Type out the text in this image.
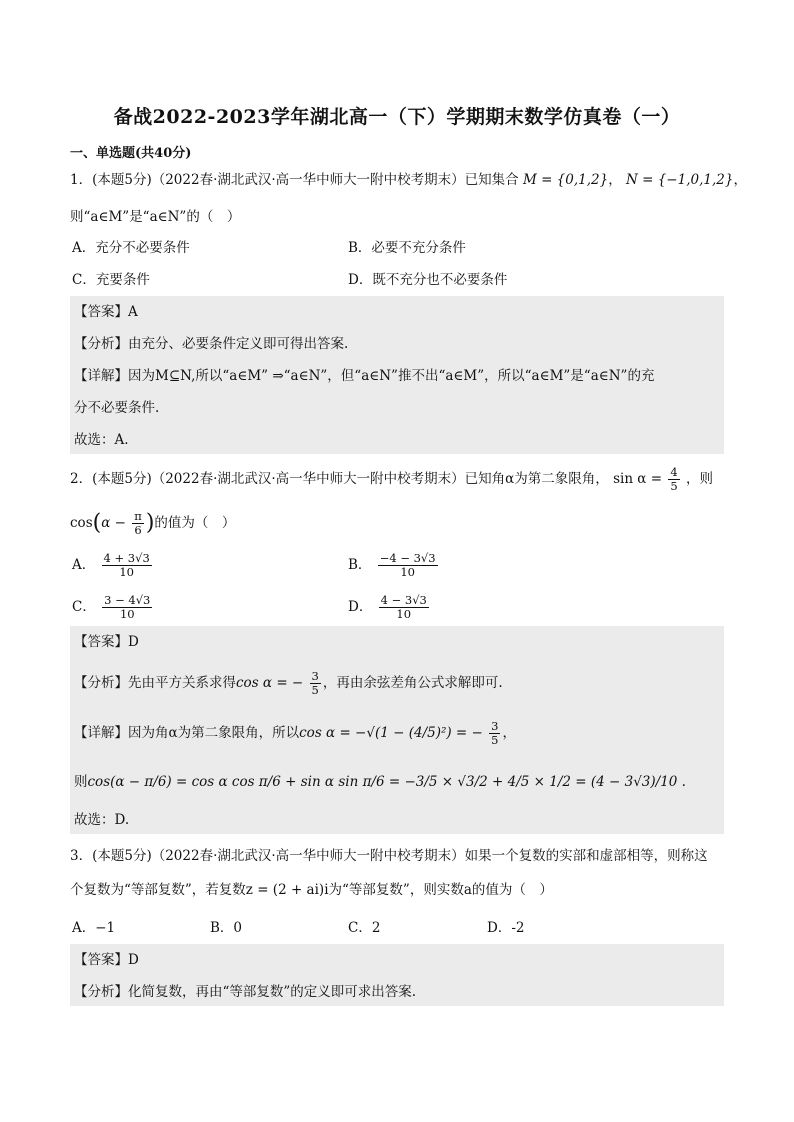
备战2022-2023学年湖北高一（下）学期期末数学仿真卷（一）
一、单选题(共40分)
1．(本题5分)（2022春·湖北武汉·高一华中师大一附中校考期末）已知集合 M = {0,1,2}， N = {−1,0,1,2}，
则“a∈M”是“a∈N”的（　）
A．充分不必要条件	B．必要不充分条件
C．充要条件	D．既不充分也不必要条件
【答案】A
【分析】由充分、必要条件定义即可得出答案.
【详解】因为M⊆N,所以“a∈M” ⇒“a∈N”，但“a∈N”推不出“a∈M”，所以“a∈M”是“a∈N”的充
分不必要条件.
故选：A.
2．(本题5分)（2022春·湖北武汉·高一华中师大一附中校考期末）已知角α为第二象限角， $\sin \alpha = \frac{4}{5}$ ，则
$\cos(\alpha - \frac{\pi}{6}$ )的值为（　）
A． $\frac{4 + 3√3}{10}$	B． $\frac{-4 - 3√3}{10}$
C． $\frac{3 - 4√3}{10}$	D． $\frac{4 - 3√3}{10}$
【答案】D
【分析】先由平方关系求得cos α = − $\frac{3}{5}$ ，再由余弦差角公式求解即可.
【详解】因为角α为第二象限角，所以cos α = −√(1 − (4/5)²) = − $\frac{3}{5}$ ，
则cos(α − π/6) = cos α cos π/6 + sin α sin π/6 = −3/5 × √3/2 + 4/5 × 1/2 = (4 − 3√3)/10 .
故选：D.
3．(本题5分)（2022春·湖北武汉·高一华中师大一附中校考期末）如果一个复数的实部和虚部相等，则称这
个复数为“等部复数”，若复数z = (2 + ai)i为“等部复数”，则实数a的值为（　）
A．−1	B．0	C．2	D．-2
【答案】D
【分析】化简复数，再由“等部复数”的定义即可求出答案.
